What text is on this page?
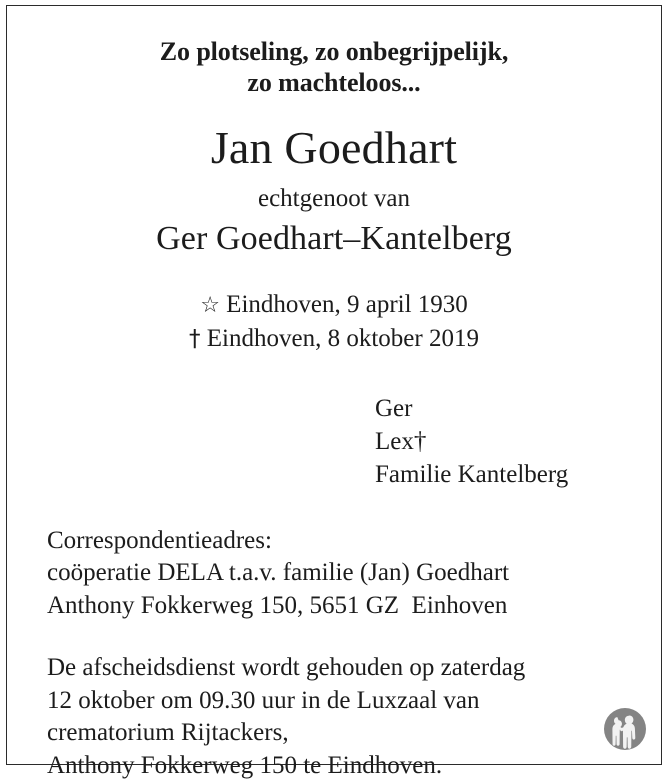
Zo plotseling, zo onbegrijpelijk,
zo machteloos...
Jan Goedhart
echtgenoot van
Ger Goedhart–Kantelberg
☆ Eindhoven, 9 april 1930
† Eindhoven, 8 oktober 2019
Ger
Lex†
Familie Kantelberg
Correspondentieadres:
coöperatie DELA t.a.v. familie (Jan) Goedhart
Anthony Fokkerweg 150, 5651 GZ  Einhoven
De afscheidsdienst wordt gehouden op zaterdag
12 oktober om 09.30 uur in de Luxzaal van
crematorium Rijtackers,
Anthony Fokkerweg 150 te Eindhoven.
